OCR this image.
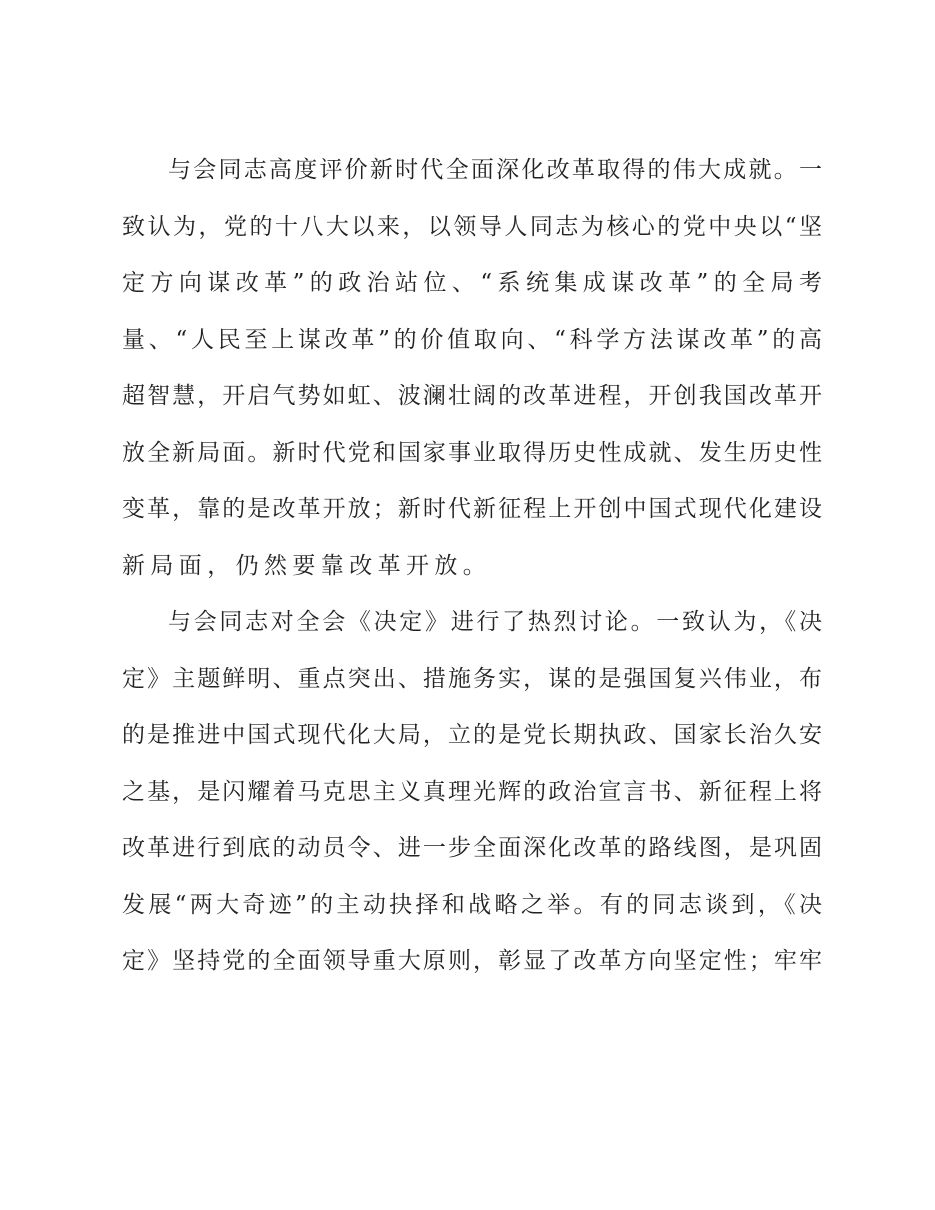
与会同志高度评价新时代全面深化改革取得的伟大成就。一
致认为，党的十八大以来，以领导人同志为核心的党中央以“坚
定方向谋改革”的政治站位、“系统集成谋改革”的全局考
量、“人民至上谋改革”的价值取向、“科学方法谋改革”的高
超智慧，开启气势如虹、波澜壮阔的改革进程，开创我国改革开
放全新局面。新时代党和国家事业取得历史性成就、发生历史性
变革，靠的是改革开放；新时代新征程上开创中国式现代化建设
新局面，仍然要靠改革开放。
与会同志对全会《决定》进行了热烈讨论。一致认为，《决
定》主题鲜明、重点突出、措施务实，谋的是强国复兴伟业，布
的是推进中国式现代化大局，立的是党长期执政、国家长治久安
之基，是闪耀着马克思主义真理光辉的政治宣言书、新征程上将
改革进行到底的动员令、进一步全面深化改革的路线图，是巩固
发展“两大奇迹”的主动抉择和战略之举。有的同志谈到，《决
定》坚持党的全面领导重大原则，彰显了改革方向坚定性；牢牢
